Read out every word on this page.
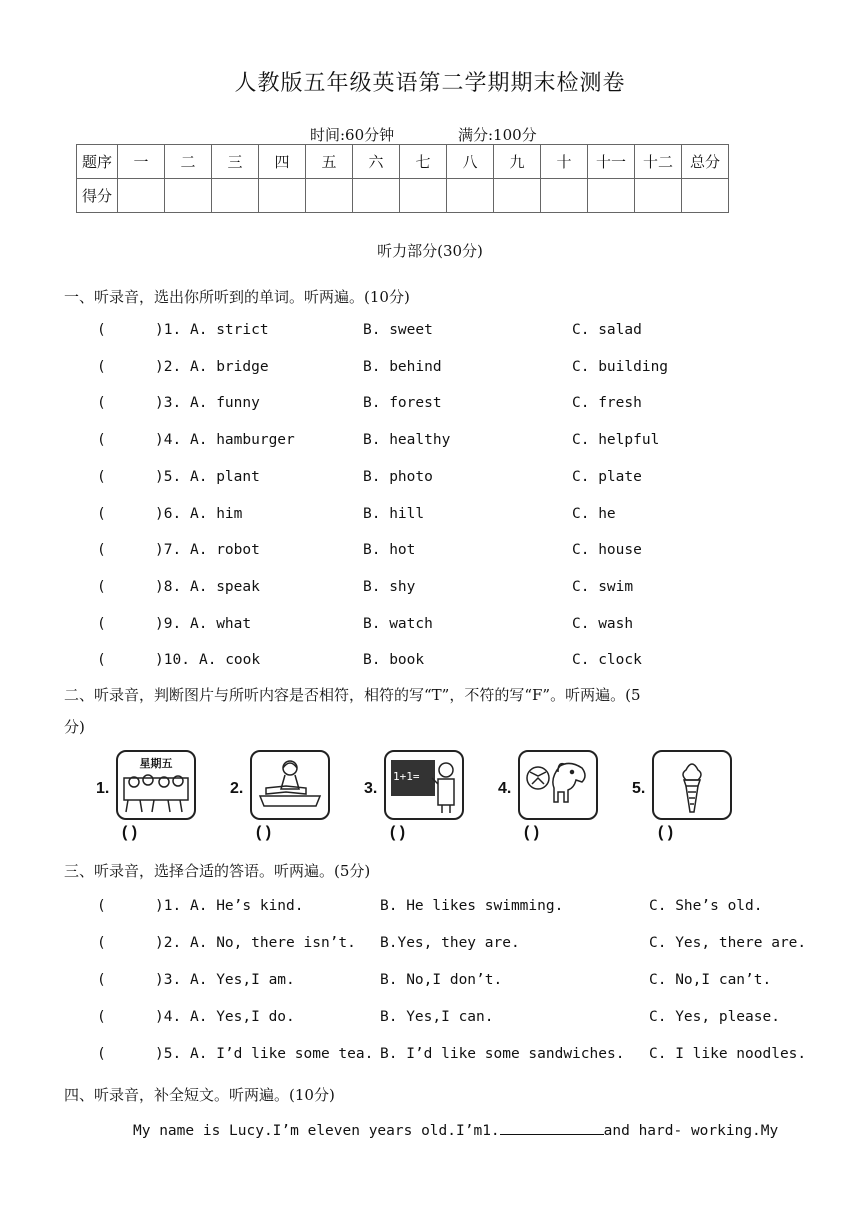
人教版五年级英语第二学期期末检测卷
时间:60分钟	满分:100分
题序	一	二	三	四	五	六	七	八	九	十	十一	十二	总分
得分													
听力部分(30分)
一、听录音，选出你所听到的单词。听两遍。(10分)
(	)1. A. strict	B. sweet	C. salad
(	)2. A. bridge	B. behind	C. building
(	)3. A. funny	B. forest	C. fresh
(	)4. A. hamburger	B. healthy	C. helpful
(	)5. A. plant	B. photo	C. plate
(	)6. A. him	B. hill	C. he
(	)7. A. robot	B. hot	C. house
(	)8. A. speak	B. shy	C. swim
(	)9. A. what	B. watch	C. wash
(	)10. A. cook	B. book	C. clock
二、听录音，判断图片与所听内容是否相符，相符的写“T”，不符的写“F”。听两遍。(5
分)
1.
星期五
( )
2.
( )
3.
1+1=
( )
4.
( )
5.
( )
三、听录音，选择合适的答语。听两遍。(5分)
(	)1. A. He’s kind.	B. He likes swimming.	C. She’s old.
(	)2. A. No, there isn’t. B.Yes, they are.	C. Yes, there are.
(	)3. A. Yes,I am.	B. No,I don’t.	C. No,I can’t.
(	)4. A. Yes,I do.	B. Yes,I can.	C. Yes, please.
(	)5. A. I’d like some tea. B. I’d like some sandwiches. C. I like noodles.
四、听录音，补全短文。听两遍。(10分)
My name is Lucy.I’m eleven years old.I’m1.	and hard- working.My
